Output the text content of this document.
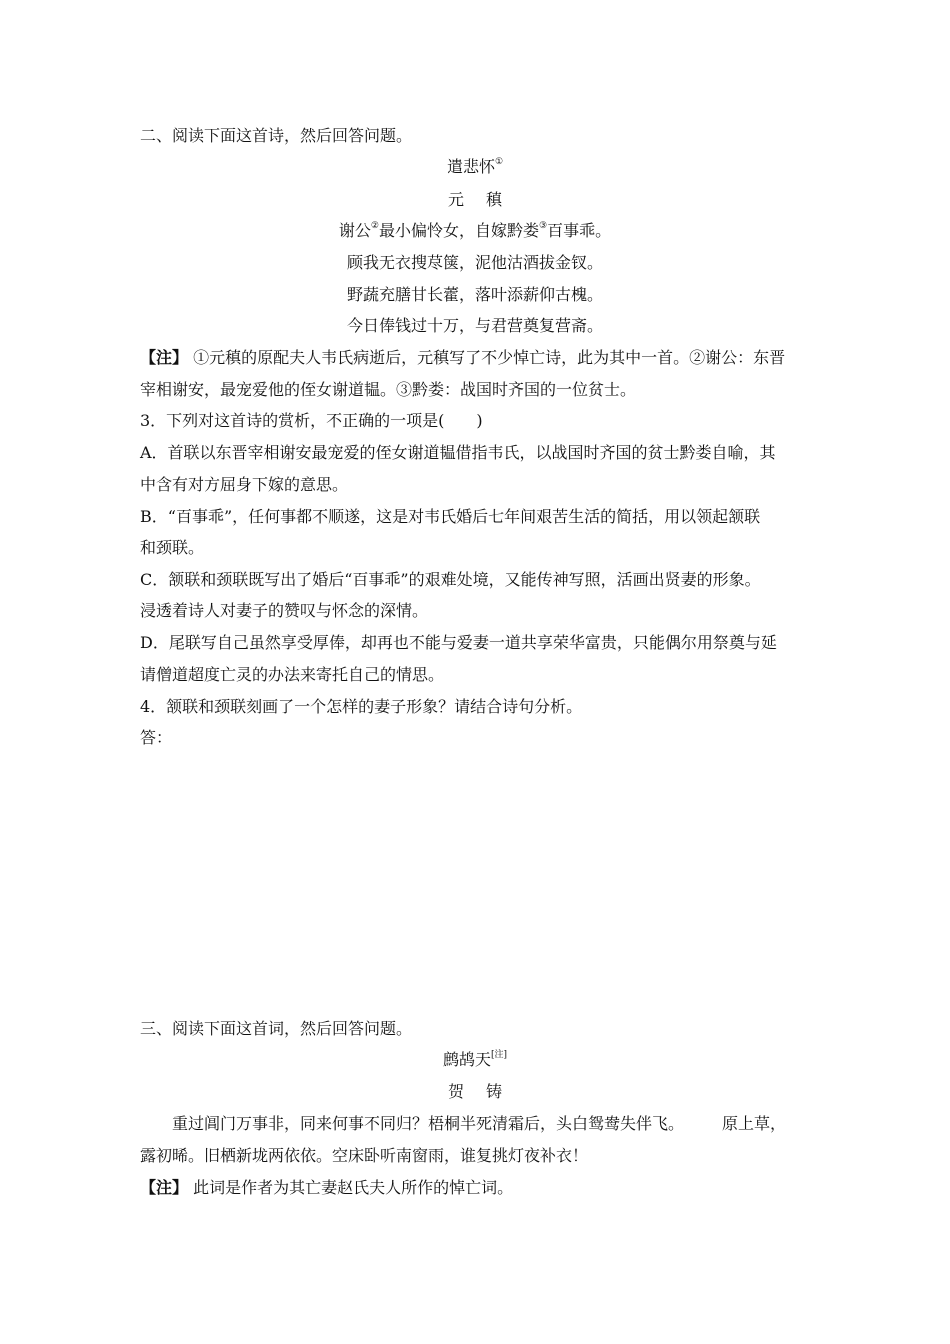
二、阅读下面这首诗，然后回答问题。
遣悲怀①
元 稹
谢公②最小偏怜女，自嫁黔娄③百事乖。
顾我无衣搜荩箧，泥他沽酒拔金钗。
野蔬充膳甘长藿，落叶添薪仰古槐。
今日俸钱过十万，与君营奠复营斋。
【注】 ①元稹的原配夫人韦氏病逝后，元稹写了不少悼亡诗，此为其中一首。②谢公：东晋
宰相谢安，最宠爱他的侄女谢道韫。③黔娄：战国时齐国的一位贫士。
3．下列对这首诗的赏析，不正确的一项是(　　)
A．首联以东晋宰相谢安最宠爱的侄女谢道韫借指韦氏，以战国时齐国的贫士黔娄自喻，其
中含有对方屈身下嫁的意思。
B．“百事乖”，任何事都不顺遂，这是对韦氏婚后七年间艰苦生活的简括，用以领起颔联
和颈联。
C．颔联和颈联既写出了婚后“百事乖”的艰难处境，又能传神写照，活画出贤妻的形象。
浸透着诗人对妻子的赞叹与怀念的深情。
D．尾联写自己虽然享受厚俸，却再也不能与爱妻一道共享荣华富贵，只能偶尔用祭奠与延
请僧道超度亡灵的办法来寄托自己的情思。
4．颔联和颈联刻画了一个怎样的妻子形象？请结合诗句分析。
答：
三、阅读下面这首词，然后回答问题。
鹧鸪天[注]
贺 铸
重过阊门万事非，同来何事不同归？梧桐半死清霜后，头白鸳鸯失伴飞。 原上草，
露初晞。旧栖新垅两依依。空床卧听南窗雨，谁复挑灯夜补衣！
【注】 此词是作者为其亡妻赵氏夫人所作的悼亡词。
